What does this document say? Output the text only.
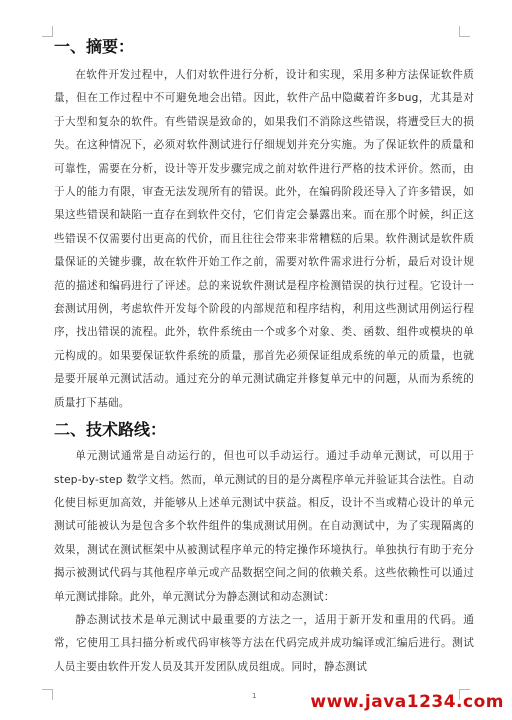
一、摘要：

在软件开发过程中，人们对软件进行分析，设计和实现，采用多种方法保证软件质量，但在工作过程中不可避免地会出错。因此，软件产品中隐藏着许多bug，尤其是对于大型和复杂的软件。有些错误是致命的，如果我们不消除这些错误，将遭受巨大的损失。在这种情况下，必须对软件测试进行仔细规划并充分实施。为了保证软件的质量和可靠性，需要在分析，设计等开发步骤完成之前对软件进行严格的技术评价。然而，由于人的能力有限，审查无法发现所有的错误。此外，在编码阶段还导入了许多错误，如果这些错误和缺陷一直存在到软件交付，它们肯定会暴露出来。而在那个时候，纠正这些错误不仅需要付出更高的代价，而且往往会带来非常糟糕的后果。软件测试是软件质量保证的关键步骤，故在软件开始工作之前，需要对软件需求进行分析，最后对设计规范的描述和编码进行了评述。总的来说软件测试是程序检测错误的执行过程。它设计一套测试用例，考虑软件开发每个阶段的内部规范和程序结构，利用这些测试用例运行程序，找出错误的流程。此外，软件系统由一个或多个对象、类、函数、组件或模块的单元构成的。如果要保证软件系统的质量，那首先必须保证组成系统的单元的质量，也就是要开展单元测试活动。通过充分的单元测试确定并修复单元中的问题，从而为系统的质量打下基础。

二、技术路线：

单元测试通常是自动运行的，但也可以手动运行。通过手动单元测试，可以用于 step-by-step 数学文档。然而，单元测试的目的是分离程序单元并验证其合法性。自动化使目标更加高效，并能够从上述单元测试中获益。相反，设计不当或精心设计的单元测试可能被认为是包含多个软件组件的集成测试用例。在自动测试中，为了实现隔离的效果，测试在测试框架中从被测试程序单元的特定操作环境执行。单独执行有助于充分揭示被测试代码与其他程序单元或产品数据空间之间的依赖关系。这些依赖性可以通过单元测试排除。此外，单元测试分为静态测试和动态测试：

静态测试技术是单元测试中最重要的方法之一，适用于新开发和重用的代码。通常，它使用工具扫描分析或代码审核等方法在代码完成并成功编译或汇编后进行。测试人员主要由软件开发人员及其开发团队成员组成。同时，静态测试

1	www.java1234.com
